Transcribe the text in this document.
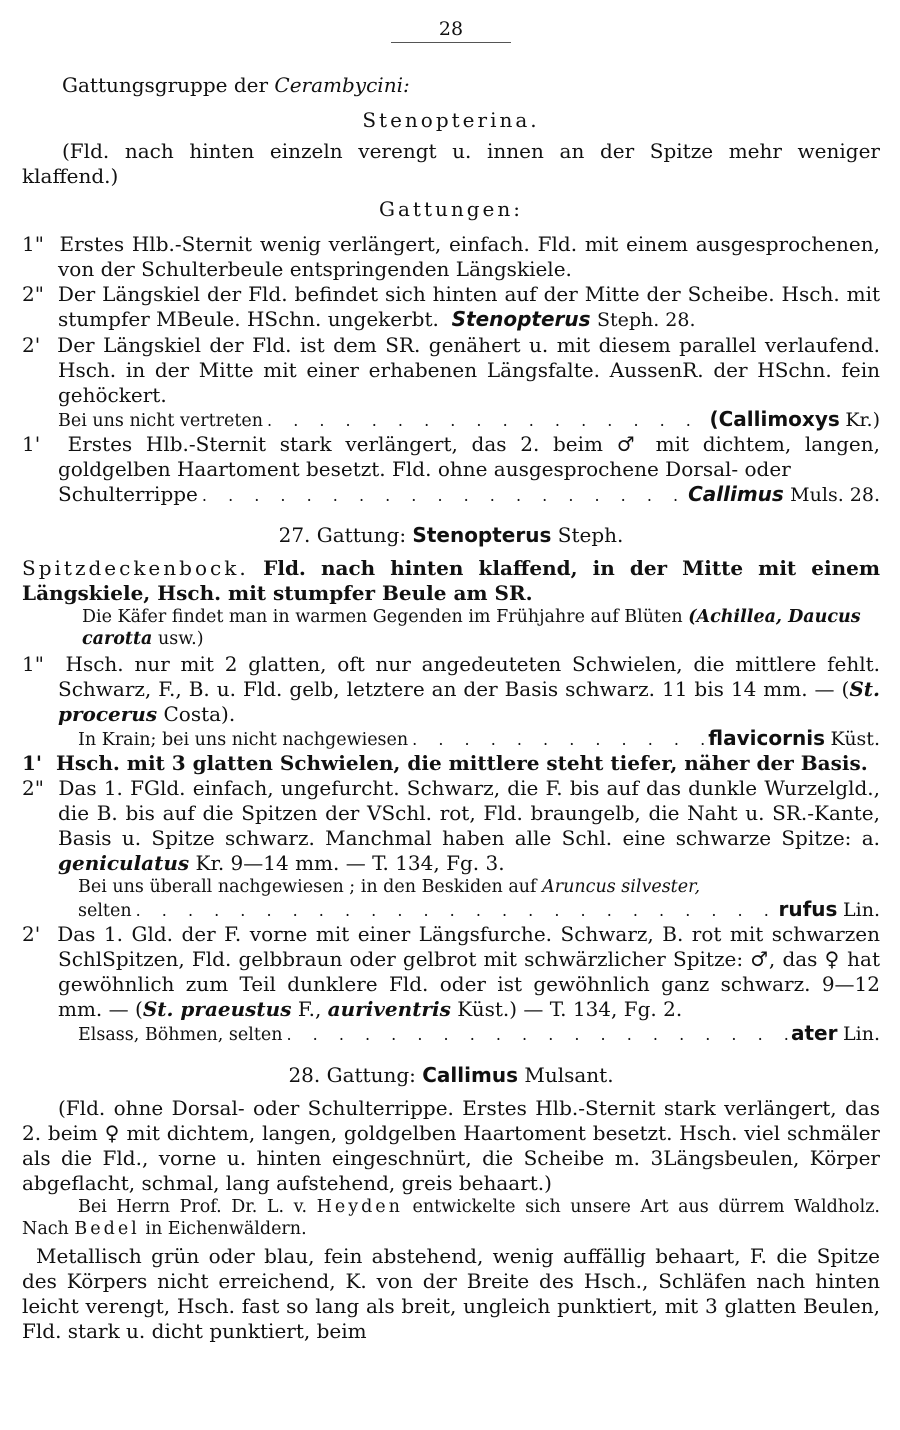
28

Gattungsgruppe der Cerambycini:

Stenopterina.

(Fld. nach hinten einzeln verengt u. innen an der Spitze mehr weniger klaffend.)

Gattungen:

1" Erstes Hlb.-Sternit wenig verlängert, einfach. Fld. mit einem ausgesprochenen, von der Schulterbeule entspringenden Längskiele.

2" Der Längskiel der Fld. befindet sich hinten auf der Mitte der Scheibe. Hsch. mit stumpfer MBeule. HSchn. ungekerbt. Stenopterus Steph. 28.

2' Der Längskiel der Fld. ist dem SR. genähert u. mit diesem parallel verlaufend. Hsch. in der Mitte mit einer erhabenen Längsfalte. AussenR. der HSchn. fein gehöckert.

Bei uns nicht vertreten . . .	(Callimoxys
Kr.)

1' Erstes Hlb.-Sternit stark verlängert, das 2. beim ♂ mit dichtem, langen, goldgelben Haartoment besetzt. Fld. ohne ausgesprochene Dorsal- oder

Schulterrippe . . .	Callimus
Muls. 28.

27. Gattung: Stenopterus Steph.

Spitzdeckenbock. Fld. nach hinten klaffend, in der Mitte mit einem Längskiele, Hsch. mit stumpfer Beule am SR.

Die Käfer findet man in warmen Gegenden im Frühjahre auf Blüten (Achillea, Daucus carotta usw.)

1" Hsch. nur mit 2 glatten, oft nur angedeuteten Schwielen, die mittlere fehlt. Schwarz, F., B. u. Fld. gelb, letztere an der Basis schwarz. 11 bis 14 mm. — (St. procerus Costa).

In Krain; bei uns nicht nachgewiesen . . .	flavicornis
Küst.

1' Hsch. mit 3 glatten Schwielen, die mittlere steht tiefer, näher der Basis.

2" Das 1. FGld. einfach, ungefurcht. Schwarz, die F. bis auf das dunkle Wurzelgld., die B. bis auf die Spitzen der VSchl. rot, Fld. braungelb, die Naht u. SR.-Kante, Basis u. Spitze schwarz. Manchmal haben alle Schl. eine schwarze Spitze: a. geniculatus Kr. 9—14 mm. — T. 134, Fg. 3.

Bei uns überall nachgewiesen ; in den Beskiden auf Aruncus silvester,

selten . . .	rufus
Lin.

2' Das 1. Gld. der F. vorne mit einer Längsfurche. Schwarz, B. rot mit schwarzen SchlSpitzen, Fld. gelbbraun oder gelbrot mit schwärzlicher Spitze: ♂, das ♀ hat gewöhnlich zum Teil dunklere Fld. oder ist gewöhnlich ganz schwarz. 9—12 mm. — (St. praeustus F., auriventris Küst.) — T. 134, Fg. 2.

Elsass, Böhmen, selten . . .	ater
Lin.

28. Gattung: Callimus Mulsant.

(Fld. ohne Dorsal- oder Schulterrippe. Erstes Hlb.-Sternit stark verlängert, das 2. beim ♀ mit dichtem, langen, goldgelben Haartoment besetzt. Hsch. viel schmäler als die Fld., vorne u. hinten eingeschnürt, die Scheibe m. 3Längsbeulen, Körper abgeflacht, schmal, lang aufstehend, greis behaart.)

Bei Herrn Prof. Dr. L. v. Heyden entwickelte sich unsere Art aus dürrem Waldholz. Nach Bedel in Eichenwäldern.

Metallisch grün oder blau, fein abstehend, wenig auffällig behaart, F. die Spitze des Körpers nicht erreichend, K. von der Breite des Hsch., Schläfen nach hinten leicht verengt, Hsch. fast so lang als breit, ungleich punktiert, mit 3 glatten Beulen, Fld. stark u. dicht punktiert, beim
